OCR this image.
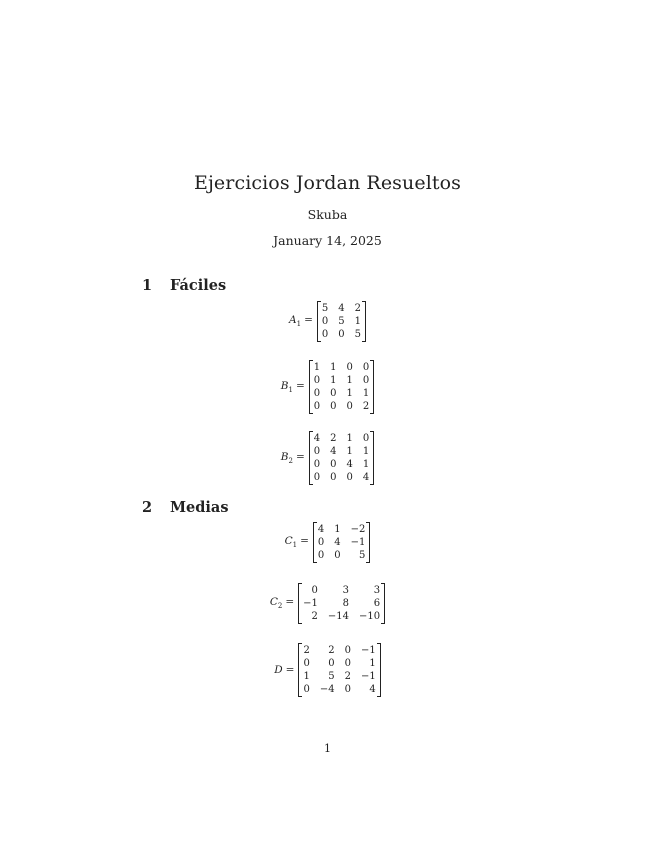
Ejercicios Jordan Resueltos
Skuba
January 14, 2025
1 Fáciles
$A_1$ =
5	4	2
0	5	1
0	0	5
$B_1$ =
1	1	0	0
0	1	1	0
0	0	1	1
0	0	0	2
$B_2$ =
4	2	1	0
0	4	1	1
0	0	4	1
0	0	0	4
2 Medias
$C_1$ =
4	1	−2
0	4	−1
0	0	5
$C_2$ =
0	3	3
−1	8	6
2	−14	−10
D =
2	2	0	−1
0	0	0	1
1	5	2	−1
0	−4	0	4
1
